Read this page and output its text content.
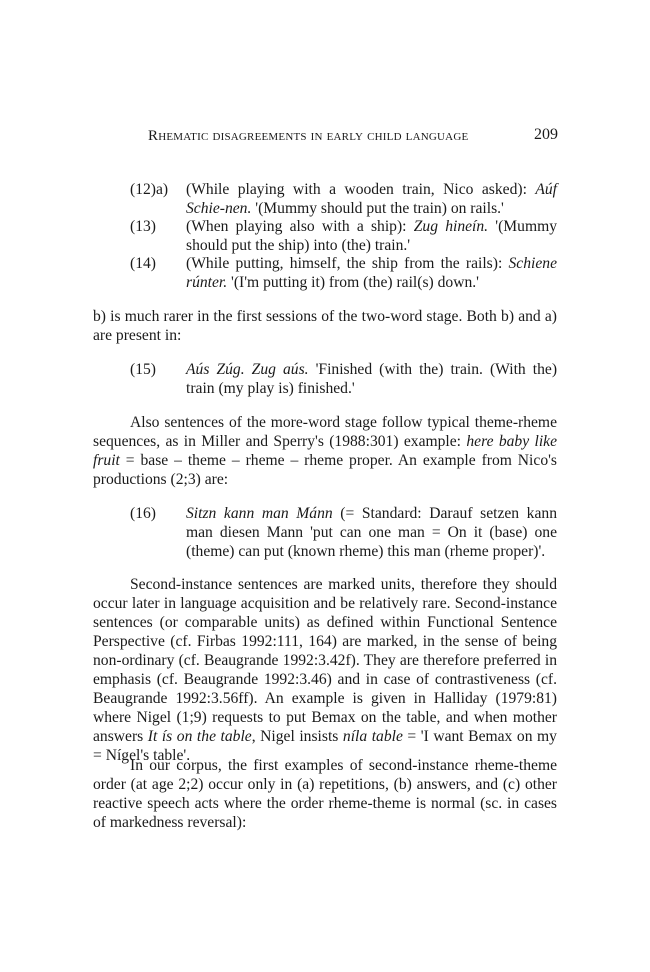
Rhematic disagreements in early child language	209
(12)a) (While playing with a wooden train, Nico asked): Aúf Schie-nen. '(Mummy should put the train) on rails.'
(13) (When playing also with a ship): Zug hineín. '(Mummy should put the ship) into (the) train.'
(14) (While putting, himself, the ship from the rails): Schiene rúnter. '(I'm putting it) from (the) rail(s) down.'
b) is much rarer in the first sessions of the two-word stage. Both b) and a) are present in:
(15) Aús Zúg. Zug aús. 'Finished (with the) train. (With the) train (my play is) finished.'
Also sentences of the more-word stage follow typical theme-rheme sequences, as in Miller and Sperry's (1988:301) example: here baby like fruit = base – theme – rheme – rheme proper. An example from Nico's productions (2;3) are:
(16) Sitzn kann man Mánn (= Standard: Darauf setzen kann man diesen Mann 'put can one man = On it (base) one (theme) can put (known rheme) this man (rheme proper)'.
Second-instance sentences are marked units, therefore they should occur later in language acquisition and be relatively rare. Second-instance sentences (or comparable units) as defined within Functional Sentence Perspective (cf. Firbas 1992:111, 164) are marked, in the sense of being non-ordinary (cf. Beaugrande 1992:3.42f). They are therefore preferred in emphasis (cf. Beaugrande 1992:3.46) and in case of contrastiveness (cf. Beaugrande 1992:3.56ff). An example is given in Halliday (1979:81) where Nigel (1;9) requests to put Bemax on the table, and when mother answers It ís on the table, Nigel insists níla table = 'I want Bemax on my = Nígel's table'.
In our corpus, the first examples of second-instance rheme-theme order (at age 2;2) occur only in (a) repetitions, (b) answers, and (c) other reactive speech acts where the order rheme-theme is normal (sc. in cases of markedness reversal):
